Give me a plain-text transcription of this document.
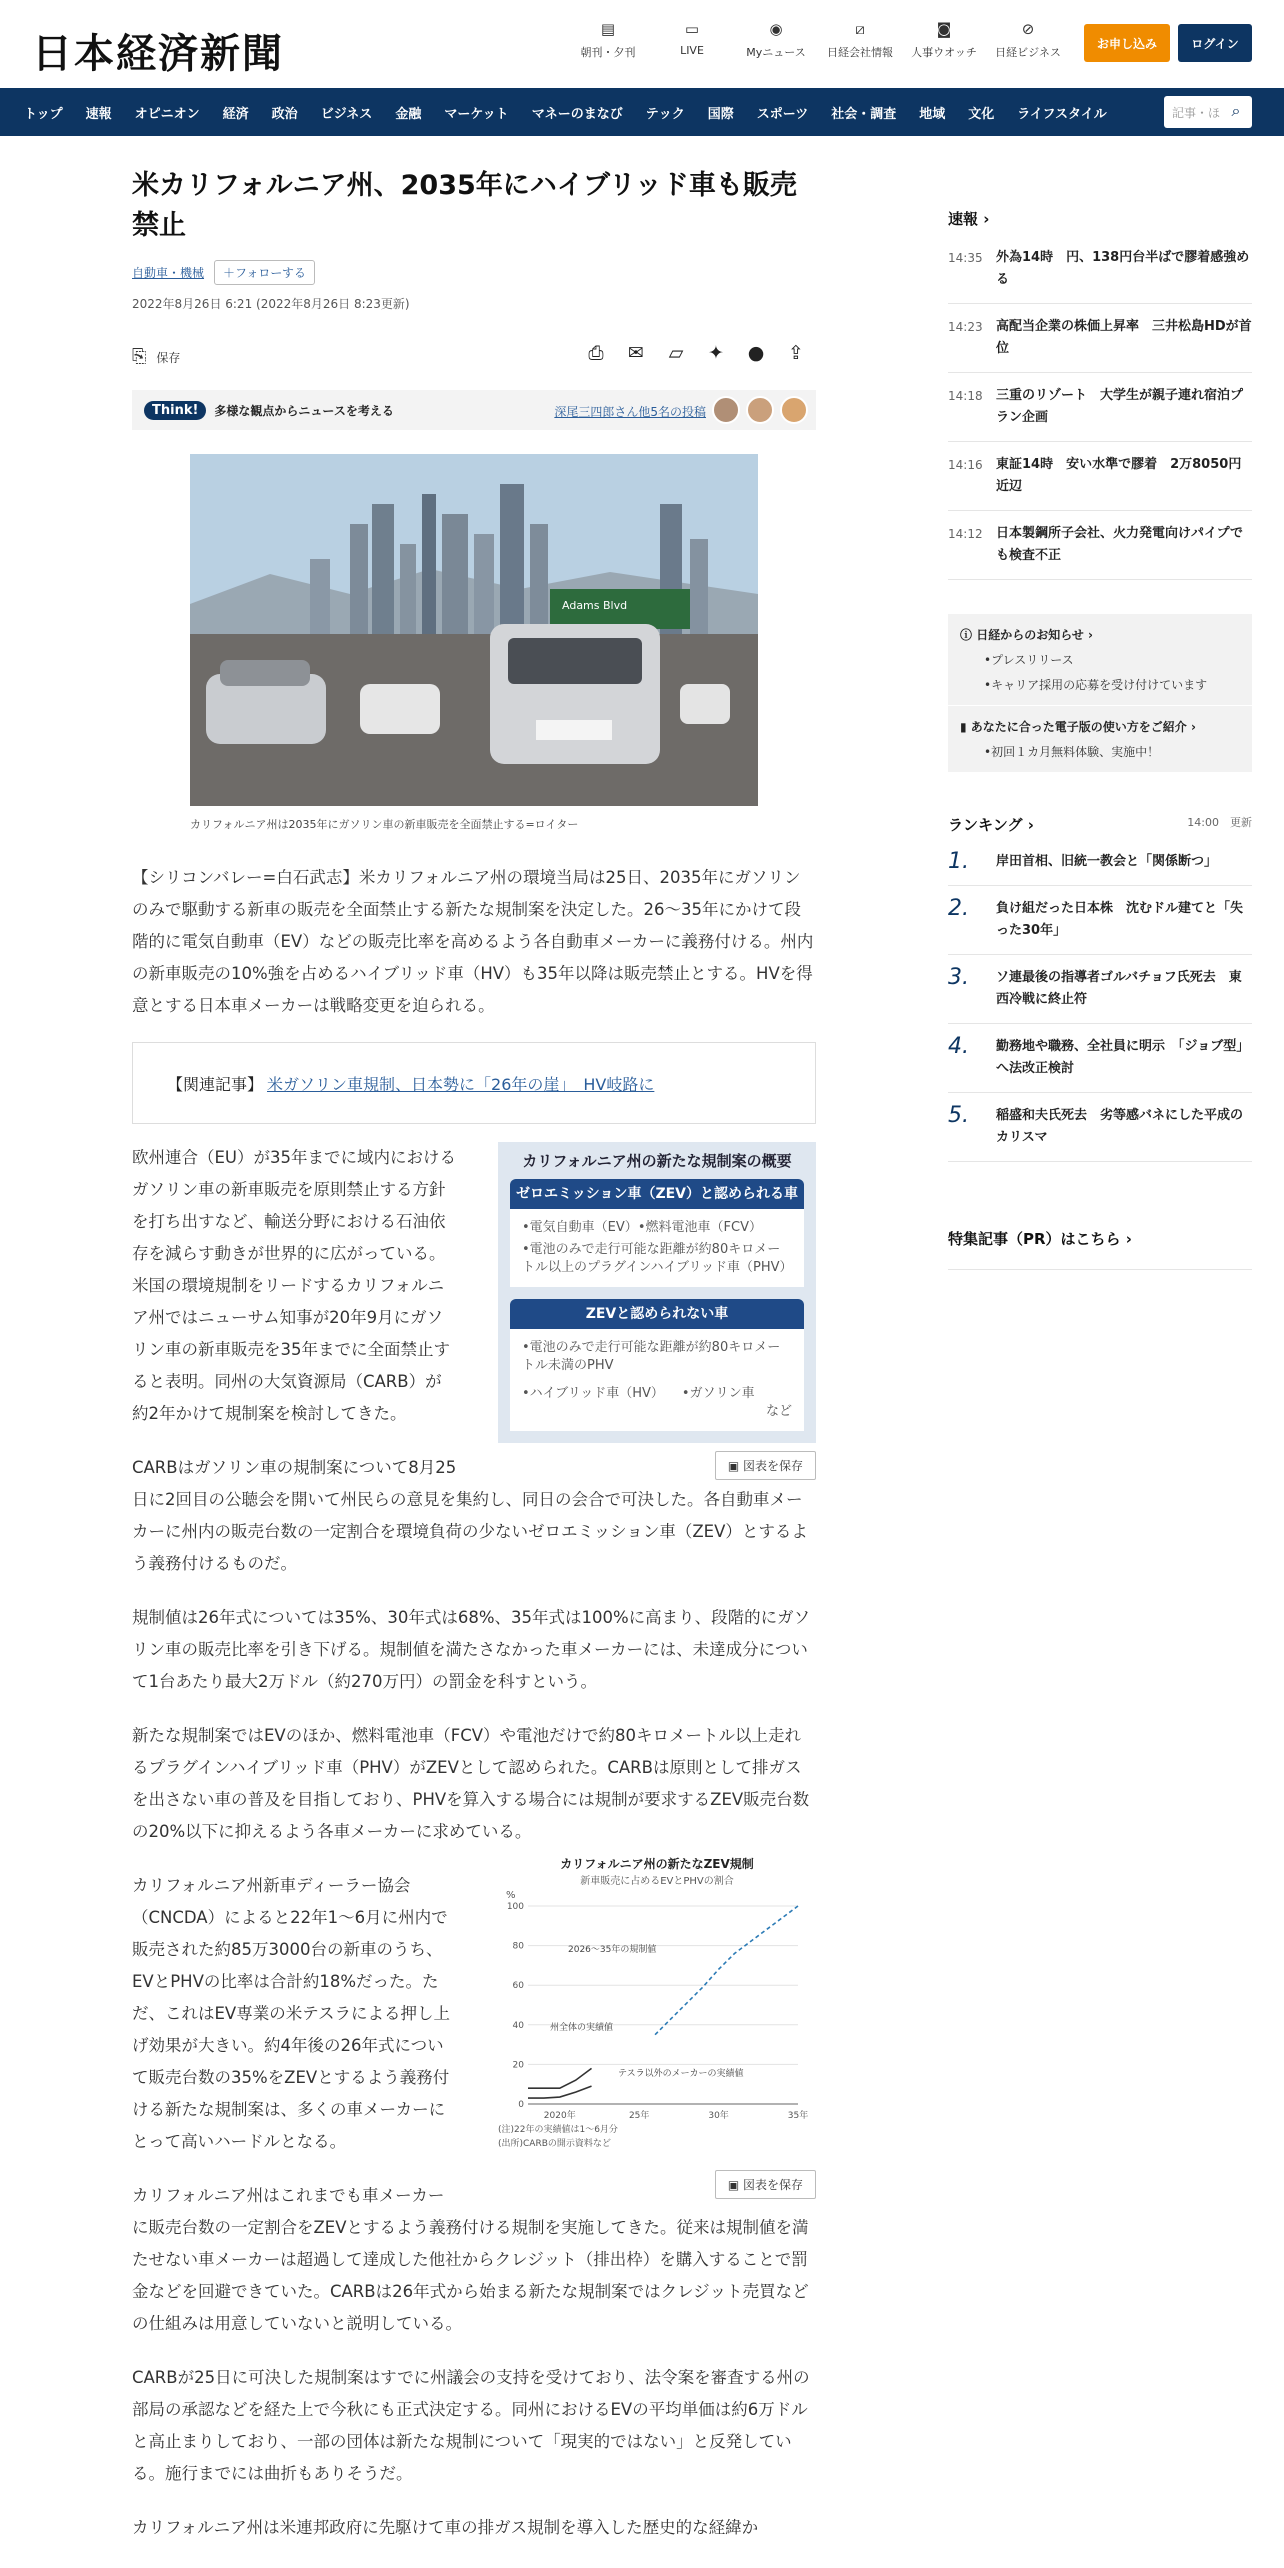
日本経済新聞
▤
朝刊・夕刊
▭
LIVE
◉
Myニュース
⧄
日経会社情報
◙
人事ウオッチ
⊘
日経ビジネス
お申し込み	ログイン
トップ 速報 オピニオン 経済 政治 ビジネス 金融 マーケット マネーのまなび テック 国際 スポーツ 社会・調査 地域 文化 ライフスタイル	記事・ほ ⌕
米カリフォルニア州、2035年にハイブリッド車も販売禁止
自動車・機械	＋フォローする
2022年8月26日 6:21 (2022年8月26日 8:23更新)
⎘ 保存	⎙	✉	▱	✦	●	⇪
Think!	多様な観点からニュースを考える	深尾三四郎さん他5名の投稿
Adams Blvd
カリフォルニア州は2035年にガソリン車の新車販売を全面禁止する=ロイター

【シリコンバレー=白石武志】米カリフォルニア州の環境当局は25日、2035年にガソリンのみで駆動する新車の販売を全面禁止する新たな規制案を決定した。26～35年にかけて段階的に電気自動車（EV）などの販売比率を高めるよう各自動車メーカーに義務付ける。州内の新車販売の10%強を占めるハイブリッド車（HV）も35年以降は販売禁止とする。HVを得意とする日本車メーカーは戦略変更を迫られる。

【関連記事】 米ガソリン車規制、日本勢に「26年の崖」　HV岐路に
カリフォルニア州の新たな規制案の概要
ゼロエミッション車（ZEV）と認められる車
•電気自動車（EV） •燃料電池車（FCV）
•電池のみで走行可能な距離が約80キロメートル以上のプラグインハイブリッド車（PHV）
ZEVと認められない車
•電池のみで走行可能な距離が約80キロメートル未満のPHV
•ハイブリッド車（HV） •ガソリン車
など
▣ 図表を保存

欧州連合（EU）が35年までに域内におけるガソリン車の新車販売を原則禁止する方針を打ち出すなど、輸送分野における石油依存を減らす動きが世界的に広がっている。米国の環境規制をリードするカリフォルニア州ではニューサム知事が20年9月にガソリン車の新車販売を35年までに全面禁止すると表明。同州の大気資源局（CARB）が約2年かけて規制案を検討してきた。

CARBはガソリン車の規制案について8月25日に2回目の公聴会を開いて州民らの意見を集約し、同日の会合で可決した。各自動車メーカーに州内の販売台数の一定割合を環境負荷の少ないゼロエミッション車（ZEV）とするよう義務付けるものだ。

規制値は26年式については35%、30年式は68%、35年式は100%に高まり、段階的にガソリン車の販売比率を引き下げる。規制値を満たさなかった車メーカーには、未達成分について1台あたり最大2万ドル（約270万円）の罰金を科すという。

新たな規制案ではEVのほか、燃料電池車（FCV）や電池だけで約80キロメートル以上走れるプラグインハイブリッド車（PHV）がZEVとして認められた。CARBは原則として排ガスを出さない車の普及を目指しており、PHVを算入する場合には規制が要求するZEV販売台数の20%以下に抑えるよう各車メーカーに求めている。

カリフォルニア州の新たなZEV規制
新車販売に占めるEVとPHVの割合
%
0
20
40
60
80
100
2020年	25年	30年	35年
2026～35年の規制値
州全体の実績値
テスラ以外のメーカーの実績値
(注)22年の実績値は1～6月分
(出所)CARBの開示資料など
▣ 図表を保存

カリフォルニア州新車ディーラー協会（CNCDA）によると22年1～6月に州内で販売された約85万3000台の新車のうち、EVとPHVの比率は合計約18%だった。ただ、これはEV専業の米テスラによる押し上げ効果が大きい。約4年後の26年式について販売台数の35%をZEVとするよう義務付ける新たな規制案は、多くの車メーカーにとって高いハードルとなる。

カリフォルニア州はこれまでも車メーカーに販売台数の一定割合をZEVとするよう義務付ける規制を実施してきた。従来は規制値を満たせない車メーカーは超過して達成した他社からクレジット（排出枠）を購入することで罰金などを回避できていた。CARBは26年式から始まる新たな規制案ではクレジット売買などの仕組みは用意していないと説明している。

CARBが25日に可決した規制案はすでに州議会の支持を受けており、法令案を審査する州の部局の承認などを経た上で今秋にも正式決定する。同州におけるEVの平均単価は約6万ドルと高止まりしており、一部の団体は新たな規制について「現実的ではない」と反発している。施行までには曲折もありそうだ。

カリフォルニア州は米連邦政府に先駆けて車の排ガス規制を導入した歴史的な経緯か

速報 ›
14:35	外為14時　円、138円台半ばで膠着感強める
14:23	高配当企業の株価上昇率　三井松島HDが首位
14:18	三重のリゾート　大学生が親子連れ宿泊プラン企画
14:16	東証14時　安い水準で膠着　2万8050円近辺
14:12	日本製鋼所子会社、火力発電向けパイプでも検査不正
ⓘ 日経からのお知らせ ›
•プレスリリース
•キャリア採用の応募を受け付けています
▮ あなたに合った電子版の使い方をご紹介 ›
•初回１カ月無料体験、実施中！
ランキング ›	14:00　更新
1.	岸田首相、旧統一教会と「関係断つ」
2.	負け組だった日本株　沈むドル建てと「失った30年」
3.	ソ連最後の指導者ゴルバチョフ氏死去　東西冷戦に終止符
4.	勤務地や職務、全社員に明示　「ジョブ型」へ法改正検討
5.	稲盛和夫氏死去　劣等感バネにした平成のカリスマ
特集記事（PR）はこちら ›
